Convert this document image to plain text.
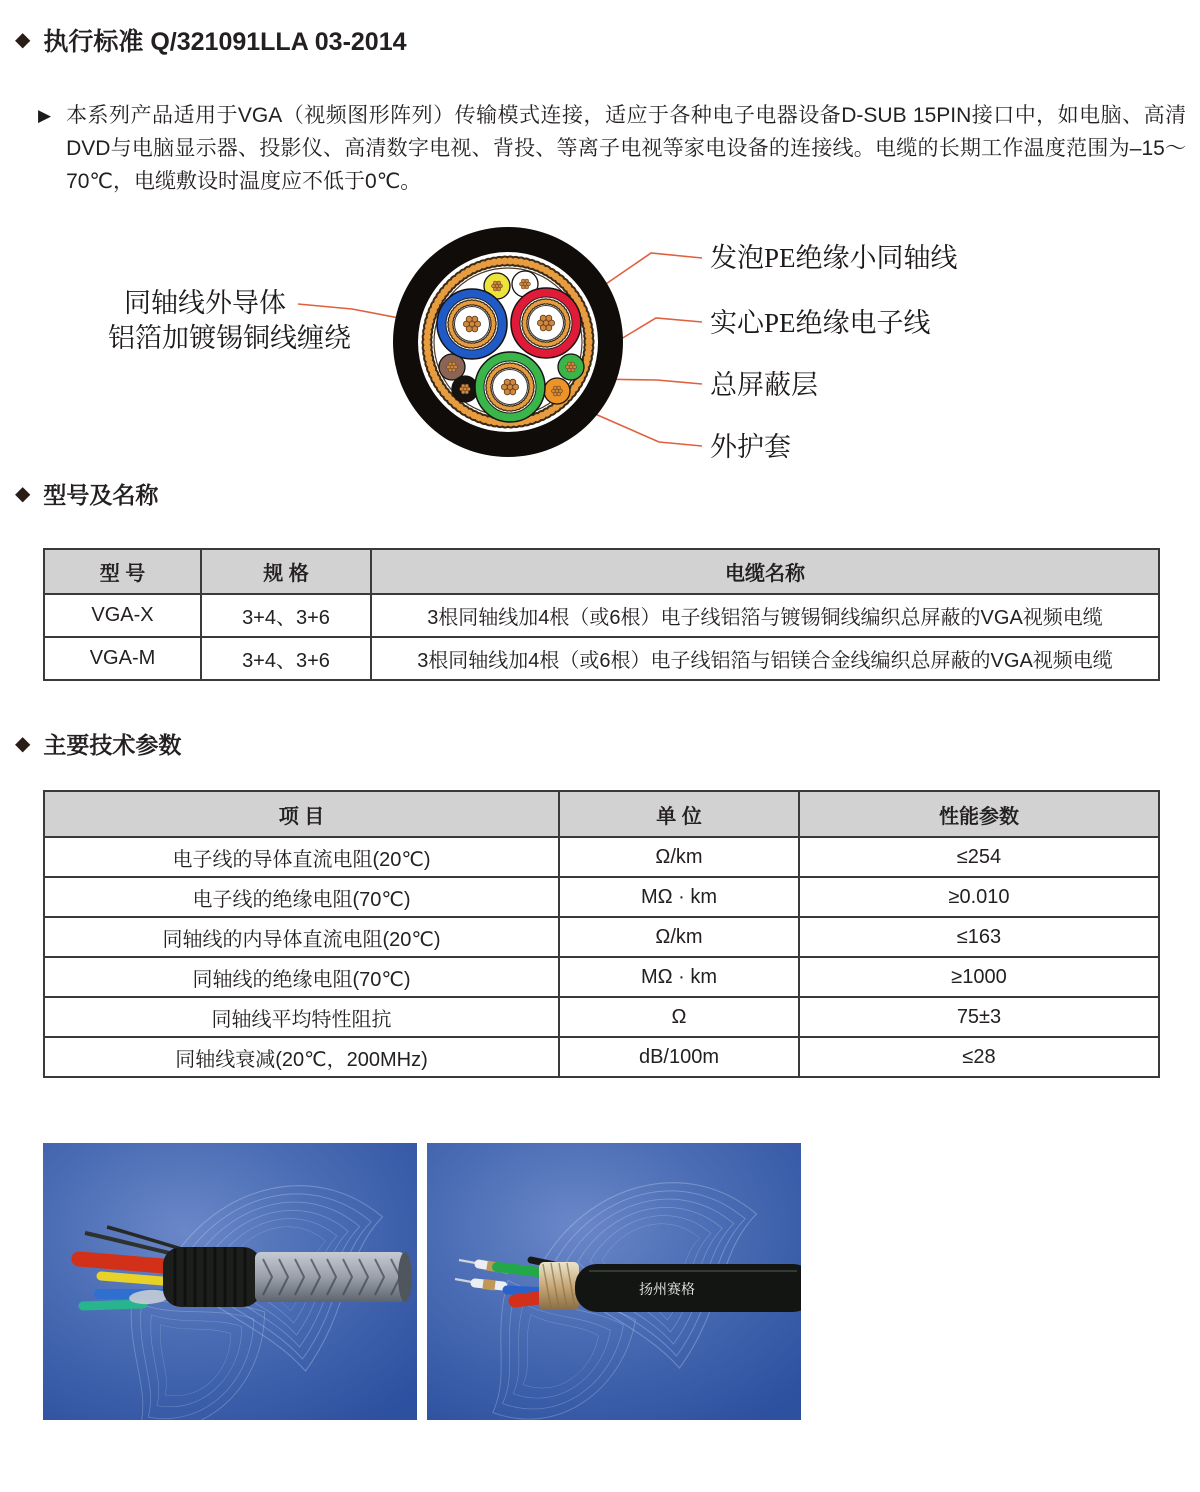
◆ 执行标准 Q/321091LLA 03-2014
▶ 本系列产品适用于VGA（视频图形阵列）传输模式连接，适应于各种电子电器设备D-SUB 15PIN接口中，如电脑、高清DVD与电脑显示器、投影仪、高清数字电视、背投、等离子电视等家电设备的连接线。电缆的长期工作温度范围为–15～70℃，电缆敷设时温度应不低于0℃。

同轴线外导体
铝箔加镀锡铜线缠绕
发泡PE绝缘小同轴线
实心PE绝缘电子线
总屏蔽层
外护套
◆ 型号及名称
型 号	规 格	电缆名称
VGA-X	3+4、3+6	3根同轴线加4根（或6根）电子线铝箔与镀锡铜线编织总屏蔽的VGA视频电缆
VGA-M	3+4、3+6	3根同轴线加4根（或6根）电子线铝箔与铝镁合金线编织总屏蔽的VGA视频电缆
◆ 主要技术参数
项 目	单 位	性能参数
电子线的导体直流电阻(20℃)	Ω/km	≤254
电子线的绝缘电阻(70℃)	MΩ · km	≥0.010
同轴线的内导体直流电阻(20℃)	Ω/km	≤163
同轴线的绝缘电阻(70℃)	MΩ · km	≥1000
同轴线平均特性阻抗	Ω	75±3
同轴线衰减(20℃，200MHz)	dB/100m	≤28
扬州赛格
